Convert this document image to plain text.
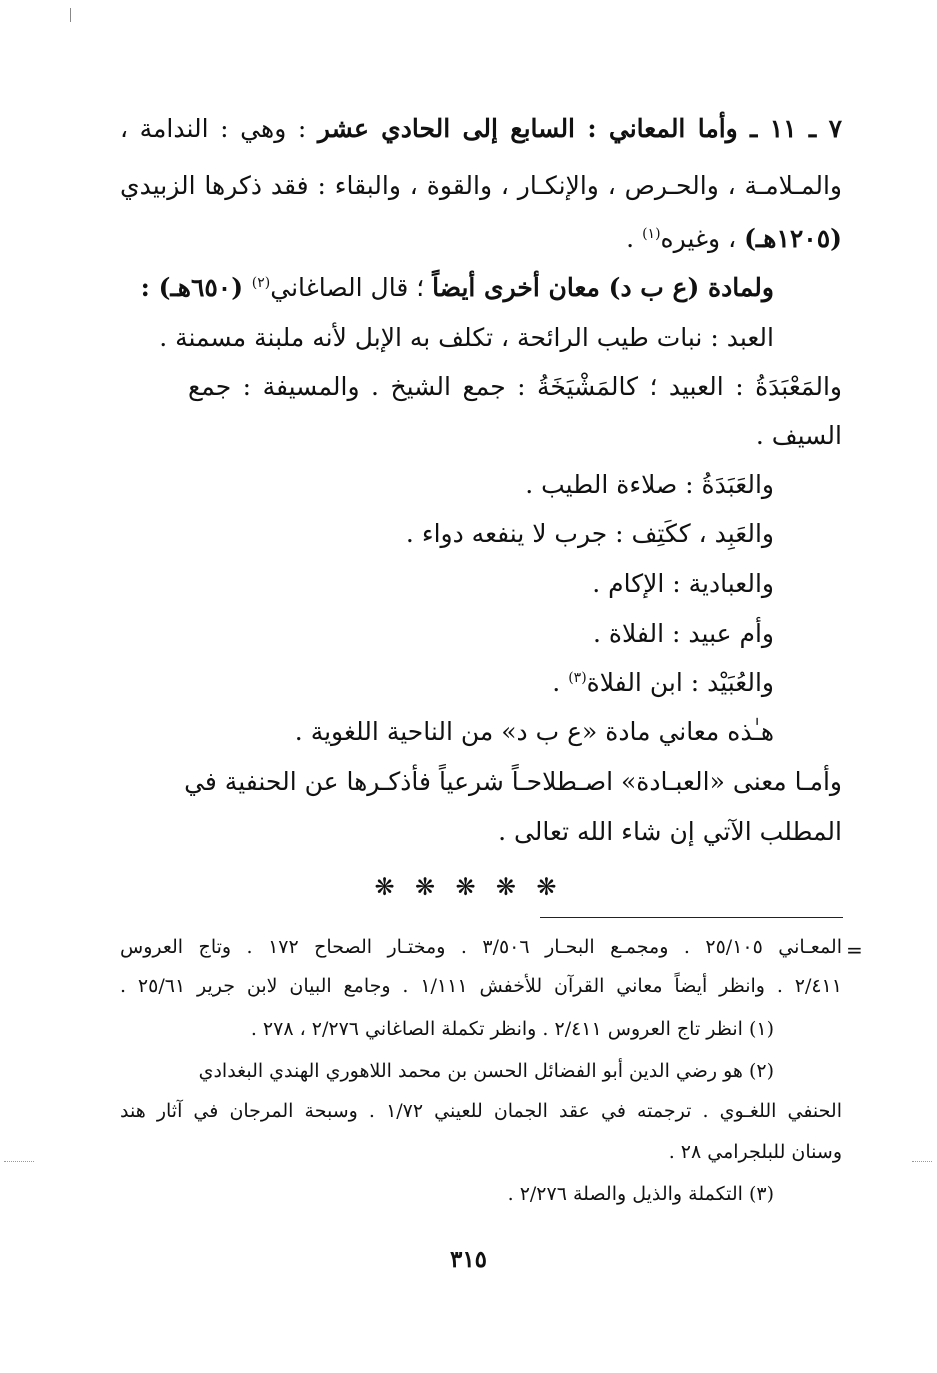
٧ ـ ١١ ـ وأما المعاني : السابع إلى الحادي عشر : وهي : الندامة ،
والمـلامـة ، والحـرص ، والإنكـار ، والقوة ، والبقاء : فقد ذكرها الزبيدي
(١٢٠٥هـ) ، وغيره$^{(١)}$ .
ولمادة (ع ب د) معان أخرى أيضاً ؛ قال الصاغاني$^{(٢)}$ (٦٥٠هـ) :
العبد : نبات طيب الرائحة ، تكلف به الإبل لأنه ملبنة مسمنة .
والمَعْبَدَةُ : العبيد ؛ كالمَشْيَخَةُ : جمع الشيخ . والمسيفة : جمع
السيف .
والعَبَدَةُ : صلاءة الطيب .
والعَبِد ، ككَتِف : جرب لا ينفعه دواء .
والعبادية : الإكام .
وأم عبيد : الفلاة .
والعُبَيْد : ابن الفلاة$^{(٣)}$ .
هـٰذه معاني مادة «ع ب د» من الناحية اللغوية .
وأمـا معنى «العبـادة» اصـطلاحـاً شرعياً فأذكـرها عن الحنفية في
المطلب الآتي إن شاء الله تعالى .
❋ ❋ ❋ ❋ ❋
=
المعـاني ٢٥/١٠٥ . ومجمـع البحـار ٣/٥٠٦ . ومختـار الصحاح ١٧٢ . وتاج العروس
٢/٤١١ . وانظر أيضاً معاني القرآن للأخفش ١/١١١ . وجامع البيان لابن جرير ٢٥/٦١ .
(١) انظر تاج العروس ٢/٤١١ . وانظر تكملة الصاغاني ٢/٢٧٦ ، ٢٧٨ .
(٢) هو رضي الدين أبو الفضائل الحسن بن محمد اللاهوري الهندي البغدادي
الحنفي اللغـوي . ترجمته في عقد الجمان للعيني ١/٧٢ . وسبحة المرجان في آثار هند
وسنان للبلجرامي ٢٨ .
(٣) التكملة والذيل والصلة ٢/٢٧٦ .
٣١٥
